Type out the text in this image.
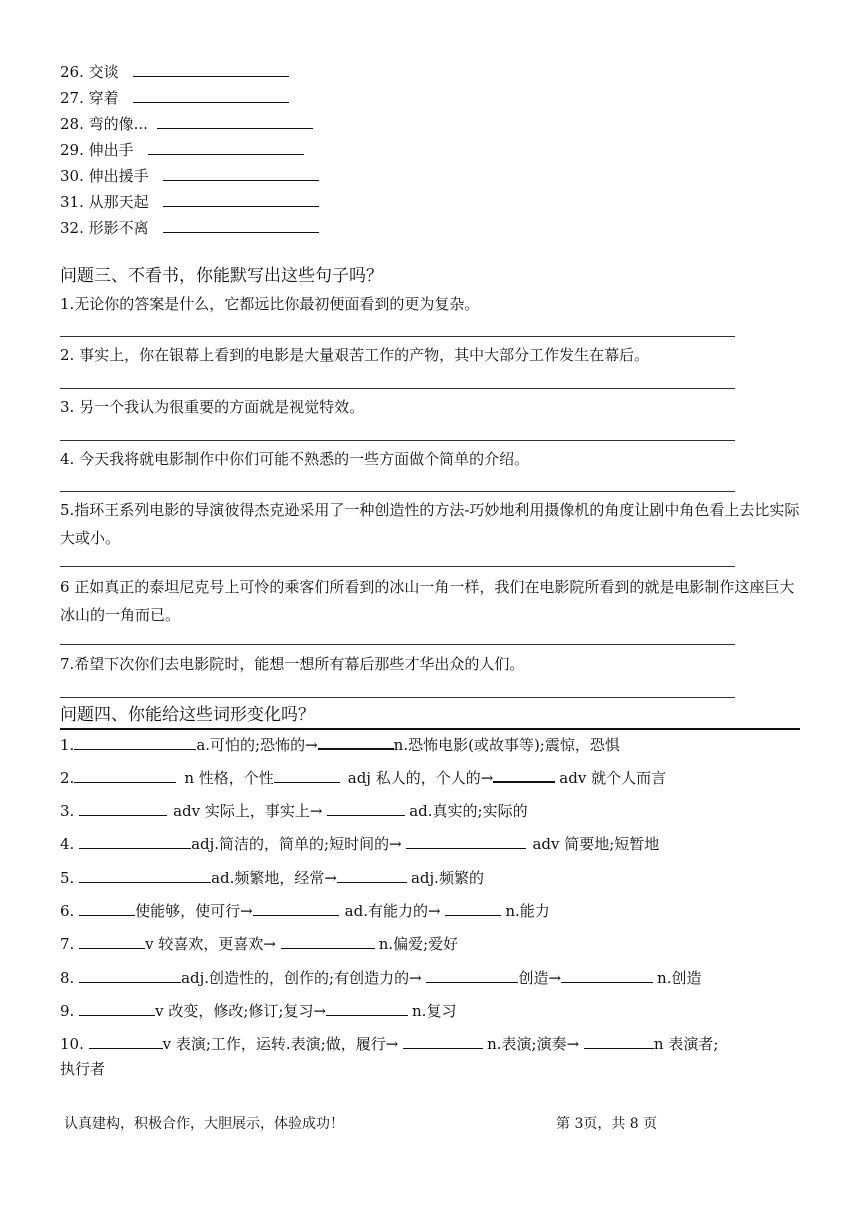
26. 交谈
27. 穿着
28. 弯的像...
29. 伸出手
30. 伸出援手
31. 从那天起
32. 形影不离
问题三、不看书，你能默写出这些句子吗？
1.无论你的答案是什么，它都远比你最初便面看到的更为复杂。
2. 事实上，你在银幕上看到的电影是大量艰苦工作的产物，其中大部分工作发生在幕后。
3. 另一个我认为很重要的方面就是视觉特效。
4. 今天我将就电影制作中你们可能不熟悉的一些方面做个简单的介绍。
5.指环王系列电影的导演彼得杰克逊采用了一种创造性的方法-巧妙地利用摄像机的角度让剧中角色看上去比实际大或小。
6 正如真正的泰坦尼克号上可怜的乘客们所看到的冰山一角一样，我们在电影院所看到的就是电影制作这座巨大冰山的一角而已。
7.希望下次你们去电影院时，能想一想所有幕后那些才华出众的人们。
问题四、你能给这些词形变化吗？
1.	a.可怕的;恐怖的→	n.恐怖电影(或故事等);震惊，恐惧
2.	n 性格，个性	adj 私人的，个人的→	adv 就个人而言
3.	adv 实际上，事实上→	ad.真实的;实际的
4.	adj.简洁的，简单的;短时间的→	adv 简要地;短暂地
5.	ad.频繁地，经常→	adj.频繁的
6.	使能够，使可行→	ad.有能力的→	n.能力
7.	v 较喜欢，更喜欢→	n.偏爱;爱好
8.	adj.创造性的，创作的;有创造力的→	创造→	n.创造
9.	v 改变，修改;修订;复习→	n.复习
10.	v 表演;工作，运转.表演;做，履行→	n.表演;演奏→	n 表演者;
执行者
认真建构，积极合作，大胆展示，体验成功！	第 3页，共 8 页
